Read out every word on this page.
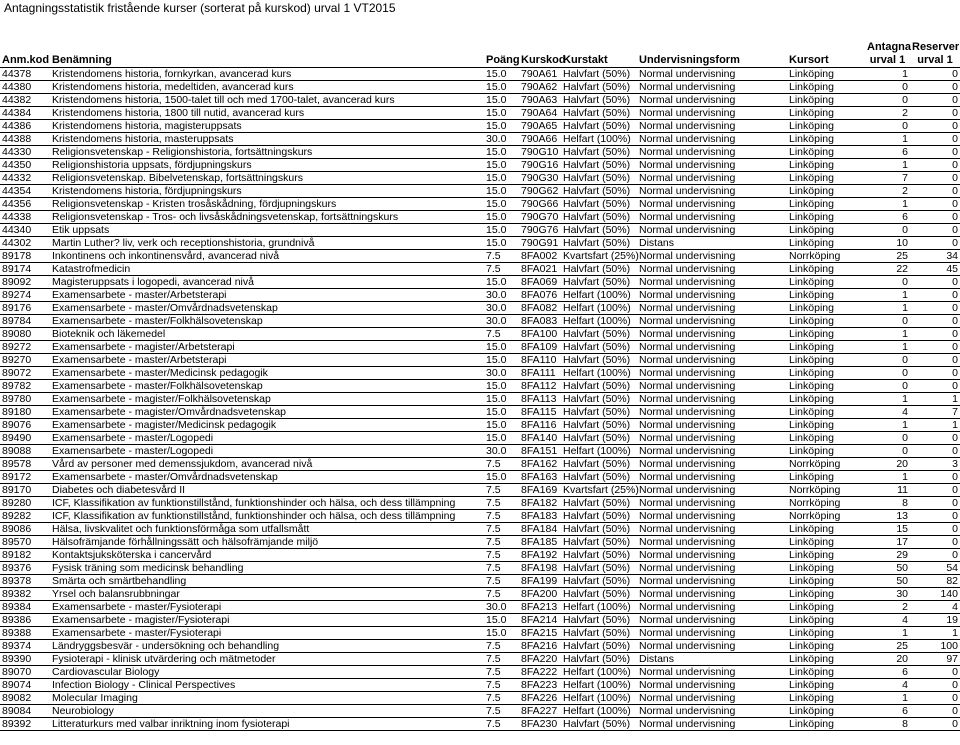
Antagningsstatistik fristående kurser (sorterat på kurskod) urval 1 VT2015
Anm.kod	Benämning	Poäng	Kurskod	Kurstakt	Undervisningsform	Kursort	Antagna urval 1	Reserver urval 1
44378	Kristendomens historia, fornkyrkan, avancerad kurs	15.0	790A61	Halvfart (50%)	Normal undervisning	Linköping	1	0
44380	Kristendomens historia, medeltiden, avancerad kurs	15.0	790A62	Halvfart (50%)	Normal undervisning	Linköping	0	0
44382	Kristendomens historia, 1500-talet till och med 1700-talet, avancerad kurs	15.0	790A63	Halvfart (50%)	Normal undervisning	Linköping	0	0
44384	Kristendomens historia, 1800 till nutid, avancerad kurs	15.0	790A64	Halvfart (50%)	Normal undervisning	Linköping	2	0
44386	Kristendomens historia, magisteruppsats	15.0	790A65	Halvfart (50%)	Normal undervisning	Linköping	0	0
44388	Kristendomens historia, masteruppsats	30.0	790A66	Helfart (100%)	Normal undervisning	Linköping	1	0
44330	Religionsvetenskap - Religionshistoria, fortsättningskurs	15.0	790G10	Halvfart (50%)	Normal undervisning	Linköping	6	0
44350	Religionshistoria uppsats, fördjupningskurs	15.0	790G16	Halvfart (50%)	Normal undervisning	Linköping	1	0
44332	Religionsvetenskap. Bibelvetenskap, fortsättningskurs	15.0	790G30	Halvfart (50%)	Normal undervisning	Linköping	7	0
44354	Kristendomens historia, fördjupningskurs	15.0	790G62	Halvfart (50%)	Normal undervisning	Linköping	2	0
44356	Religionsvetenskap - Kristen trosåskådning, fördjupningskurs	15.0	790G66	Halvfart (50%)	Normal undervisning	Linköping	1	0
44338	Religionsvetenskap - Tros- och livsåskådningsvetenskap, fortsättningskurs	15.0	790G70	Halvfart (50%)	Normal undervisning	Linköping	6	0
44340	Etik uppsats	15.0	790G76	Halvfart (50%)	Normal undervisning	Linköping	0	0
44302	Martin Luther? liv, verk och receptionshistoria, grundnivå	15.0	790G91	Halvfart (50%)	Distans	Linköping	10	0
89178	Inkontinens och inkontinensvård, avancerad nivå	7.5	8FA002	Kvartsfart (25%)	Normal undervisning	Norrköping	25	34
89174	Katastrofmedicin	7.5	8FA021	Halvfart (50%)	Normal undervisning	Linköping	22	45
89092	Magisteruppsats i logopedi, avancerad nivå	15.0	8FA069	Halvfart (50%)	Normal undervisning	Linköping	0	0
89274	Examensarbete - master/Arbetsterapi	30.0	8FA076	Helfart (100%)	Normal undervisning	Linköping	1	0
89176	Examensarbete - master/Omvårdnadsvetenskap	30.0	8FA082	Helfart (100%)	Normal undervisning	Linköping	1	0
89784	Examensarbete - master/Folkhälsovetenskap	30.0	8FA083	Helfart (100%)	Normal undervisning	Linköping	0	0
89080	Bioteknik och läkemedel	7.5	8FA100	Halvfart (50%)	Normal undervisning	Linköping	1	0
89272	Examensarbete - magister/Arbetsterapi	15.0	8FA109	Halvfart (50%)	Normal undervisning	Linköping	1	0
89270	Examensarbete - master/Arbetsterapi	15.0	8FA110	Halvfart (50%)	Normal undervisning	Linköping	0	0
89072	Examensarbete - master/Medicinsk pedagogik	30.0	8FA111	Helfart (100%)	Normal undervisning	Linköping	0	0
89782	Examensarbete - master/Folkhälsovetenskap	15.0	8FA112	Halvfart (50%)	Normal undervisning	Linköping	0	0
89780	Examensarbete - magister/Folkhälsovetenskap	15.0	8FA113	Halvfart (50%)	Normal undervisning	Linköping	1	1
89180	Examensarbete - magister/Omvårdnadsvetenskap	15.0	8FA115	Halvfart (50%)	Normal undervisning	Linköping	4	7
89076	Examensarbete - magister/Medicinsk pedagogik	15.0	8FA116	Halvfart (50%)	Normal undervisning	Linköping	1	1
89490	Examensarbete - master/Logopedi	15.0	8FA140	Halvfart (50%)	Normal undervisning	Linköping	0	0
89088	Examensarbete - master/Logopedi	30.0	8FA151	Helfart (100%)	Normal undervisning	Linköping	0	0
89578	Vård av personer med demenssjukdom, avancerad nivå	7.5	8FA162	Halvfart (50%)	Normal undervisning	Norrköping	20	3
89172	Examensarbete - master/Omvårdnadsvetenskap	15.0	8FA163	Halvfart (50%)	Normal undervisning	Linköping	1	0
89170	Diabetes och diabetesvård II	7.5	8FA169	Kvartsfart (25%)	Normal undervisning	Norrköping	11	0
89280	ICF, Klassifikation av funktionstillstånd, funktionshinder och hälsa, och dess tillämpning	7.5	8FA182	Halvfart (50%)	Normal undervisning	Norrköping	8	0
89282	ICF, Klassifikation av funktionstillstånd, funktionshinder och hälsa, och dess tillämpning	7.5	8FA183	Halvfart (50%)	Normal undervisning	Norrköping	13	0
89086	Hälsa, livskvalitet och funktionsförmåga som utfallsmått	7.5	8FA184	Halvfart (50%)	Normal undervisning	Linköping	15	0
89570	Hälsofrämjande förhållningssätt och hälsofrämjande miljö	7.5	8FA185	Halvfart (50%)	Normal undervisning	Linköping	17	0
89182	Kontaktsjuksköterska i cancervård	7.5	8FA192	Halvfart (50%)	Normal undervisning	Linköping	29	0
89376	Fysisk träning som medicinsk behandling	7.5	8FA198	Halvfart (50%)	Normal undervisning	Linköping	50	54
89378	Smärta och smärtbehandling	7.5	8FA199	Halvfart (50%)	Normal undervisning	Linköping	50	82
89382	Yrsel och balansrubbningar	7.5	8FA200	Halvfart (50%)	Normal undervisning	Linköping	30	140
89384	Examensarbete - master/Fysioterapi	30.0	8FA213	Helfart (100%)	Normal undervisning	Linköping	2	4
89386	Examensarbete - magister/Fysioterapi	15.0	8FA214	Halvfart (50%)	Normal undervisning	Linköping	4	19
89388	Examensarbete - master/Fysioterapi	15.0	8FA215	Halvfart (50%)	Normal undervisning	Linköping	1	1
89374	Ländryggsbesvär - undersökning och behandling	7.5	8FA216	Halvfart (50%)	Normal undervisning	Linköping	25	100
89390	Fysioterapi - klinisk utvärdering och mätmetoder	7.5	8FA220	Halvfart (50%)	Distans	Linköping	20	97
89070	Cardiovascular Biology	7.5	8FA222	Helfart (100%)	Normal undervisning	Linköping	6	0
89074	Infection Biology - Clinical Perspectives	7.5	8FA223	Helfart (100%)	Normal undervisning	Linköping	4	0
89082	Molecular Imaging	7.5	8FA226	Helfart (100%)	Normal undervisning	Linköping	1	0
89084	Neurobiology	7.5	8FA227	Helfart (100%)	Normal undervisning	Linköping	6	0
89392	Litteraturkurs med valbar inriktning inom fysioterapi	7.5	8FA230	Halvfart (50%)	Normal undervisning	Linköping	8	0
